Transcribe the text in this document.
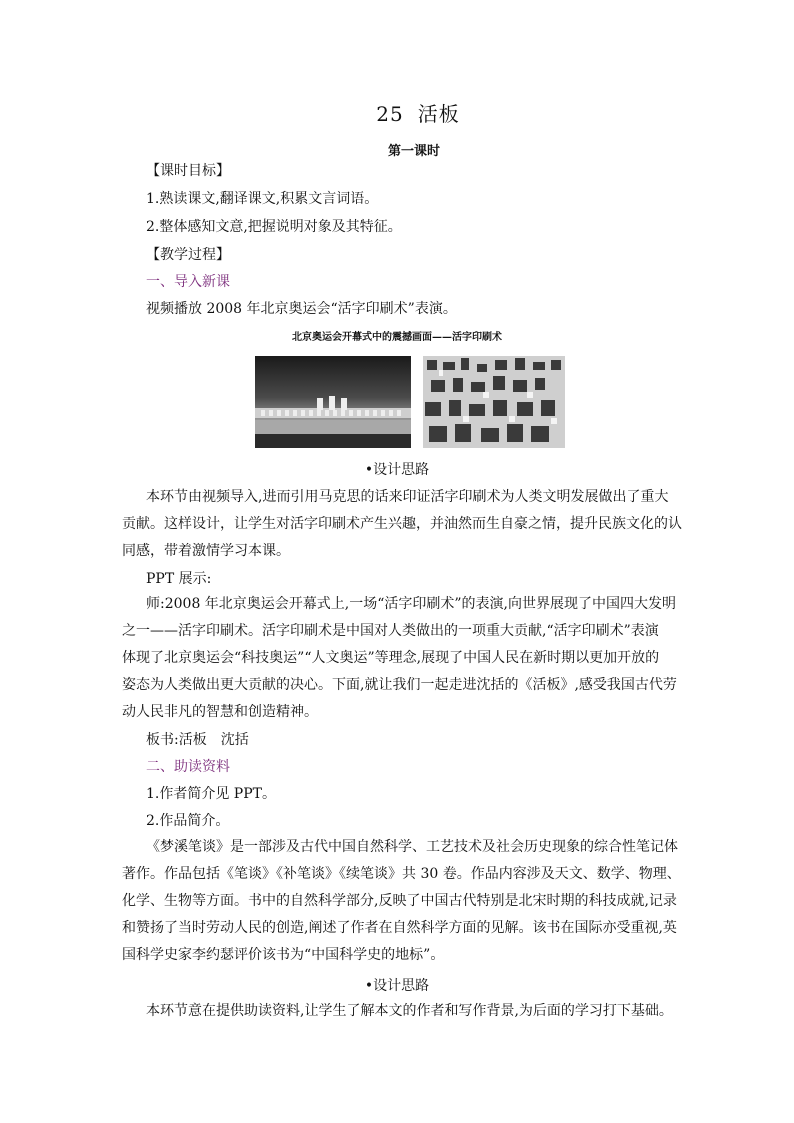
25 活板
第一课时
【课时目标】
1.熟读课文,翻译课文,积累文言词语。
2.整体感知文意,把握说明对象及其特征。
【教学过程】
一、导入新课
视频播放 2008 年北京奥运会“活字印刷术”表演。
北京奥运会开幕式中的震撼画面——活字印刷术
•设计思路
本环节由视频导入,进而引用马克思的话来印证活字印刷术为人类文明发展做出了重大
贡献。这样设计，让学生对活字印刷术产生兴趣，并油然而生自豪之情，提升民族文化的认
同感，带着激情学习本课。
PPT 展示:
师:2008 年北京奥运会开幕式上,一场“活字印刷术”的表演,向世界展现了中国四大发明
之一——活字印刷术。活字印刷术是中国对人类做出的一项重大贡献,“活字印刷术”表演
体现了北京奥运会“科技奥运”“人文奥运”等理念,展现了中国人民在新时期以更加开放的
姿态为人类做出更大贡献的决心。下面,就让我们一起走进沈括的《活板》,感受我国古代劳
动人民非凡的智慧和创造精神。
板书:活板　沈括
二、助读资料
1.作者简介见 PPT。
2.作品简介。
《梦溪笔谈》是一部涉及古代中国自然科学、工艺技术及社会历史现象的综合性笔记体
著作。作品包括《笔谈》《补笔谈》《续笔谈》共 30 卷。作品内容涉及天文、数学、物理、
化学、生物等方面。书中的自然科学部分,反映了中国古代特别是北宋时期的科技成就,记录
和赞扬了当时劳动人民的创造,阐述了作者在自然科学方面的见解。该书在国际亦受重视,英
国科学史家李约瑟评价该书为“中国科学史的地标”。
•设计思路
本环节意在提供助读资料,让学生了解本文的作者和写作背景,为后面的学习打下基础。
